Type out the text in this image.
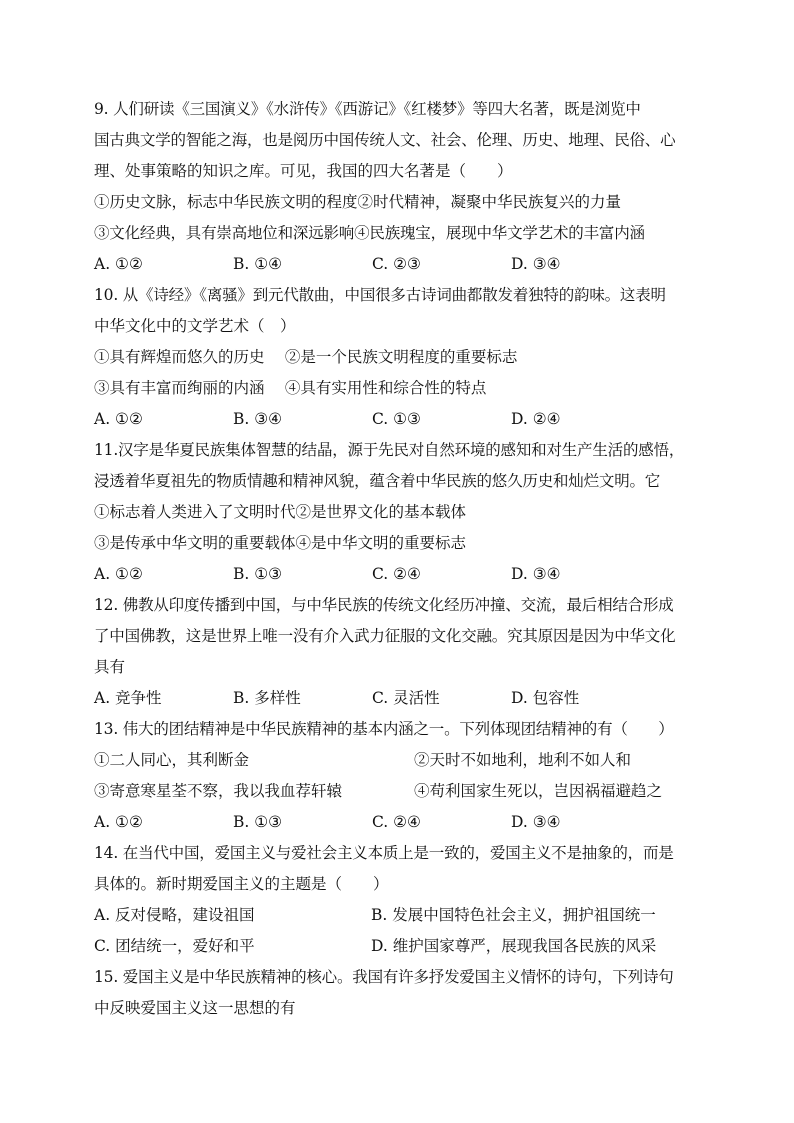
9. 人们研读《三国演义》《水浒传》《西游记》《红楼梦》等四大名著，既是浏览中
国古典文学的智能之海，也是阅历中国传统人文、社会、伦理、历史、地理、民俗、心
理、处事策略的知识之库。可见，我国的四大名著是（　　）
①历史文脉，标志中华民族文明的程度②时代精神，凝聚中华民族复兴的力量
③文化经典，具有崇高地位和深远影响④民族瑰宝，展现中华文学艺术的丰富内涵
A. ①②	B. ①④	C. ②③	D. ③④
10. 从《诗经》《离骚》到元代散曲，中国很多古诗词曲都散发着独特的韵味。这表明
中华文化中的文学艺术（　）
①具有辉煌而悠久的历史　 ②是一个民族文明程度的重要标志
③具有丰富而绚丽的内涵　 ④具有实用性和综合性的特点
A. ①②	B. ③④	C. ①③	D. ②④
11.汉字是华夏民族集体智慧的结晶，源于先民对自然环境的感知和对生产生活的感悟，
浸透着华夏祖先的物质情趣和精神风貌，蕴含着中华民族的悠久历史和灿烂文明。它
①标志着人类进入了文明时代②是世界文化的基本载体
③是传承中华文明的重要载体④是中华文明的重要标志
A. ①②	B. ①③	C. ②④	D. ③④
12. 佛教从印度传播到中国，与中华民族的传统文化经历冲撞、交流，最后相结合形成
了中国佛教，这是世界上唯一没有介入武力征服的文化交融。究其原因是因为中华文化
具有
A. 竞争性	B. 多样性	C. 灵活性	D. 包容性
13. 伟大的团结精神是中华民族精神的基本内涵之一。下列体现团结精神的有（　　）
①二人同心，其利断金	②天时不如地利，地利不如人和
③寄意寒星荃不察，我以我血荐轩辕	④苟利国家生死以，岂因祸福避趋之
A. ①②	B. ①③	C. ②④	D. ③④
14. 在当代中国，爱国主义与爱社会主义本质上是一致的，爱国主义不是抽象的，而是
具体的。新时期爱国主义的主题是（　　）
A. 反对侵略，建设祖国	B. 发展中国特色社会主义，拥护祖国统一
C. 团结统一，爱好和平	D. 维护国家尊严，展现我国各民族的风采
15. 爱国主义是中华民族精神的核心。我国有许多抒发爱国主义情怀的诗句，下列诗句
中反映爱国主义这一思想的有
